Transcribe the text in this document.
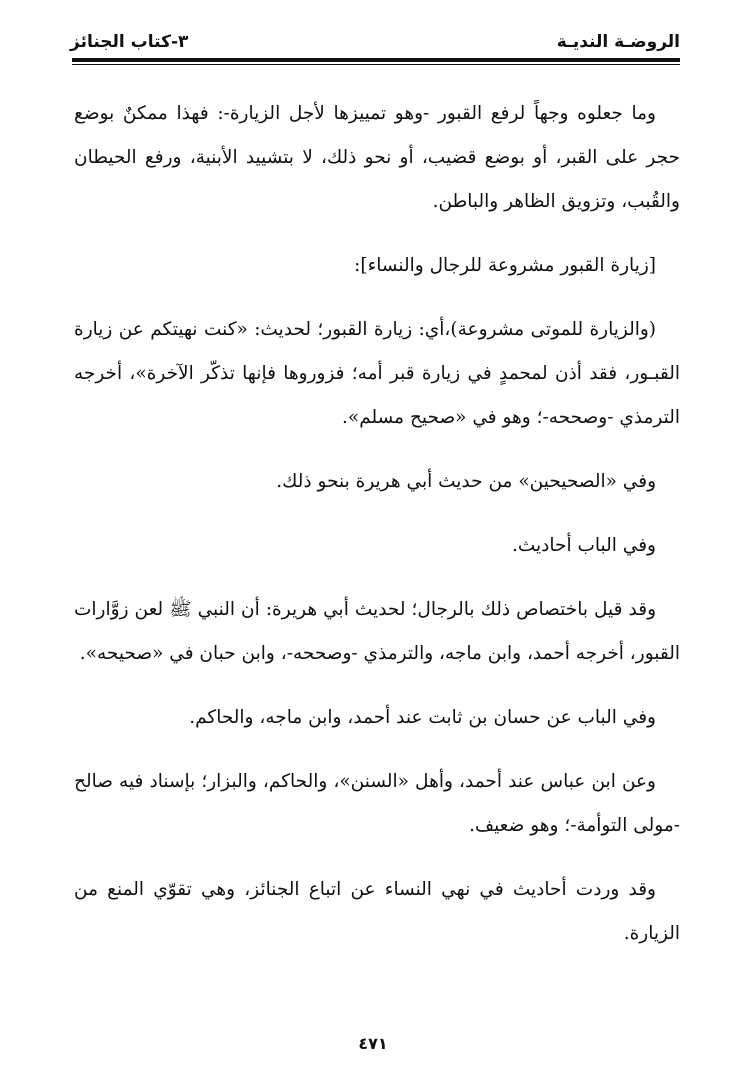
الروضـة النديـة
٣-كتاب الجنائز

وما جعلوه وجهاً لرفع القبور -وهو تمييزها لأجل الزيارة-: فهذا ممكنٌ بوضع حجر على القبر، أو بوضع قضيب، أو نحو ذلك، لا بتشييد الأبنية، ورفع الحيطان والقُبب، وتزويق الظاهر والباطن.

[زيارة القبور مشروعة للرجال والنساء]:

(والزيارة للموتى مشروعة)،أي: زيارة القبور؛ لحديث: «كنت نهيتكم عن زيارة القبـور، فقد أذن لمحمدٍ في زيارة قبر أمه؛ فزوروها فإنها تذكّر الآخرة»، أخرجه الترمذي -وصححه-؛ وهو في «صحيح مسلم».

وفي «الصحيحين» من حديث أبي هريرة بنحو ذلك.

وفي الباب أحاديث.

وقد قيل باختصاص ذلك بالرجال؛ لحديث أبي هريرة: أن النبي ﷺ لعن زوَّارات القبور، أخرجه أحمد، وابن ماجه، والترمذي -وصححه-، وابن حبان في «صحيحه».

وفي الباب عن حسان بن ثابت عند أحمد، وابن ماجه، والحاكم.

وعن ابن عباس عند أحمد، وأهل «السنن»، والحاكم، والبزار؛ بإسناد فيه صالح -مولى التوأمة-؛ وهو ضعيف.

وقد وردت أحاديث في نهي النساء عن اتباع الجنائز، وهي تقوّي المنع من الزيارة.

٤٧١
